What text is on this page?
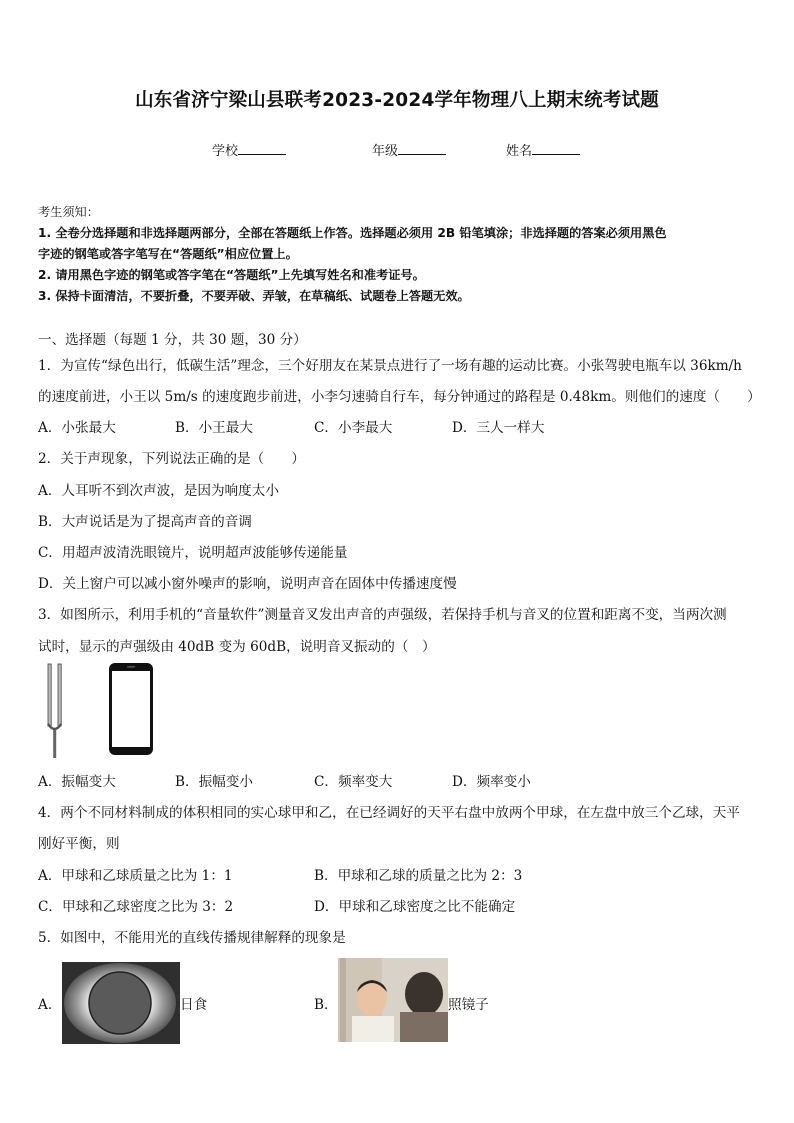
山东省济宁梁山县联考2023-2024学年物理八上期末统考试题
学校	年级	姓名
考生须知：
1. 全卷分选择题和非选择题两部分，全部在答题纸上作答。选择题必须用 2B 铅笔填涂；非选择题的答案必须用黑色
字迹的钢笔或答字笔写在“答题纸”相应位置上。
2. 请用黑色字迹的钢笔或答字笔在“答题纸”上先填写姓名和准考证号。
3. 保持卡面清洁，不要折叠，不要弄破、弄皱，在草稿纸、试题卷上答题无效。
一、选择题（每题 1 分，共 30 题，30 分）
1．为宣传“绿色出行，低碳生活”理念，三个好朋友在某景点进行了一场有趣的运动比赛。小张驾驶电瓶车以 36km/h
的速度前进，小王以 5m/s 的速度跑步前进，小李匀速骑自行车，每分钟通过的路程是 0.48km。则他们的速度（　　）
A．小张最大	B．小王最大	C．小李最大	D．三人一样大
2．关于声现象，下列说法正确的是（　　）
A．人耳听不到次声波，是因为响度太小
B．大声说话是为了提高声音的音调
C．用超声波清洗眼镜片，说明超声波能够传递能量
D．关上窗户可以减小窗外噪声的影响，说明声音在固体中传播速度慢
3．如图所示，利用手机的“音量软件”测量音叉发出声音的声强级，若保持手机与音叉的位置和距离不变，当两次测
试时，显示的声强级由 40dB 变为 60dB，说明音叉振动的（　）
A．振幅变大	B．振幅变小	C．频率变大	D．频率变小
4．两个不同材料制成的体积相同的实心球甲和乙，在已经调好的天平右盘中放两个甲球，在左盘中放三个乙球，天平
刚好平衡，则
A．甲球和乙球质量之比为 1：1	B．甲球和乙球的质量之比为 2：3
C．甲球和乙球密度之比为 3：2	D．甲球和乙球密度之比不能确定
5．如图中，不能用光的直线传播规律解释的现象是
A．	日食	B．	照镜子
